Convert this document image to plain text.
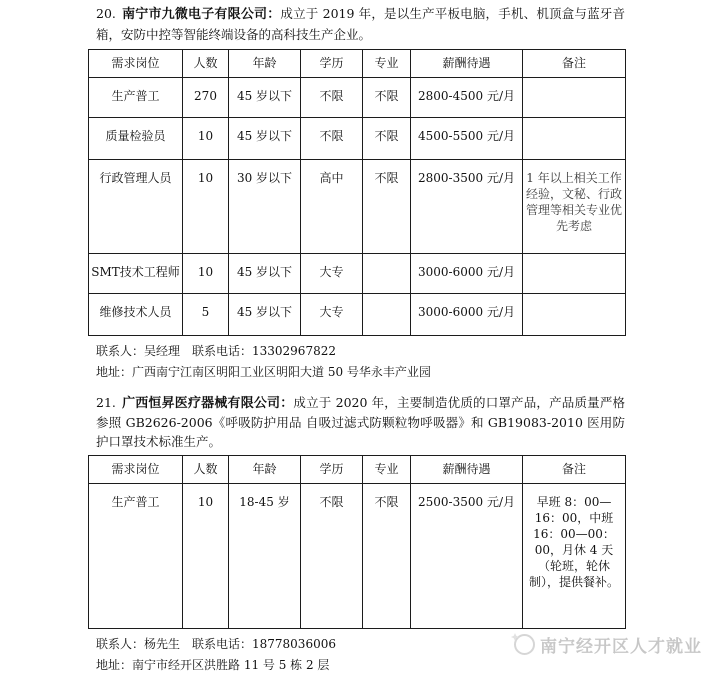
20. 南宁市九微电子有限公司：成立于 2019 年，是以生产平板电脑，手机、机顶盒与蓝牙音箱，安防中控等智能终端设备的高科技生产企业。

需求岗位	人数	年龄	学历	专业	薪酬待遇	备注
生产普工	270	45 岁以下	不限	不限	2800-4500 元/月	
质量检验员	10	45 岁以下	不限	不限	4500-5500 元/月	
行政管理人员	10	30 岁以下	高中	不限	2800-3500 元/月	1 年以上相关工作经验，文秘、行政管理等相关专业优先考虑
SMT技术工程师	10	45 岁以下	大专		3000-6000 元/月	
维修技术人员	5	45 岁以下	大专		3000-6000 元/月	

联系人：吴经理　联系电话：13302967822

地址：广西南宁江南区明阳工业区明阳大道 50 号华永丰产业园

21. 广西恒昇医疗器械有限公司：成立于 2020 年，主要制造优质的口罩产品，产品质量严格参照 GB2626-2006《呼吸防护用品 自吸过滤式防颗粒物呼吸器》和 GB19083-2010 医用防护口罩技术标准生产。

需求岗位	人数	年龄	学历	专业	薪酬待遇	备注
生产普工	10	18-45 岁	不限	不限	2500-3500 元/月	早班 8：00—16：00，中班 16：00—00：00，月休 4 天（轮班，轮休制），提供餐补。

联系人：杨先生　联系电话：18778036006

地址：南宁市经开区洪胜路 11 号 5 栋 2 层

南宁经开区人才就业
